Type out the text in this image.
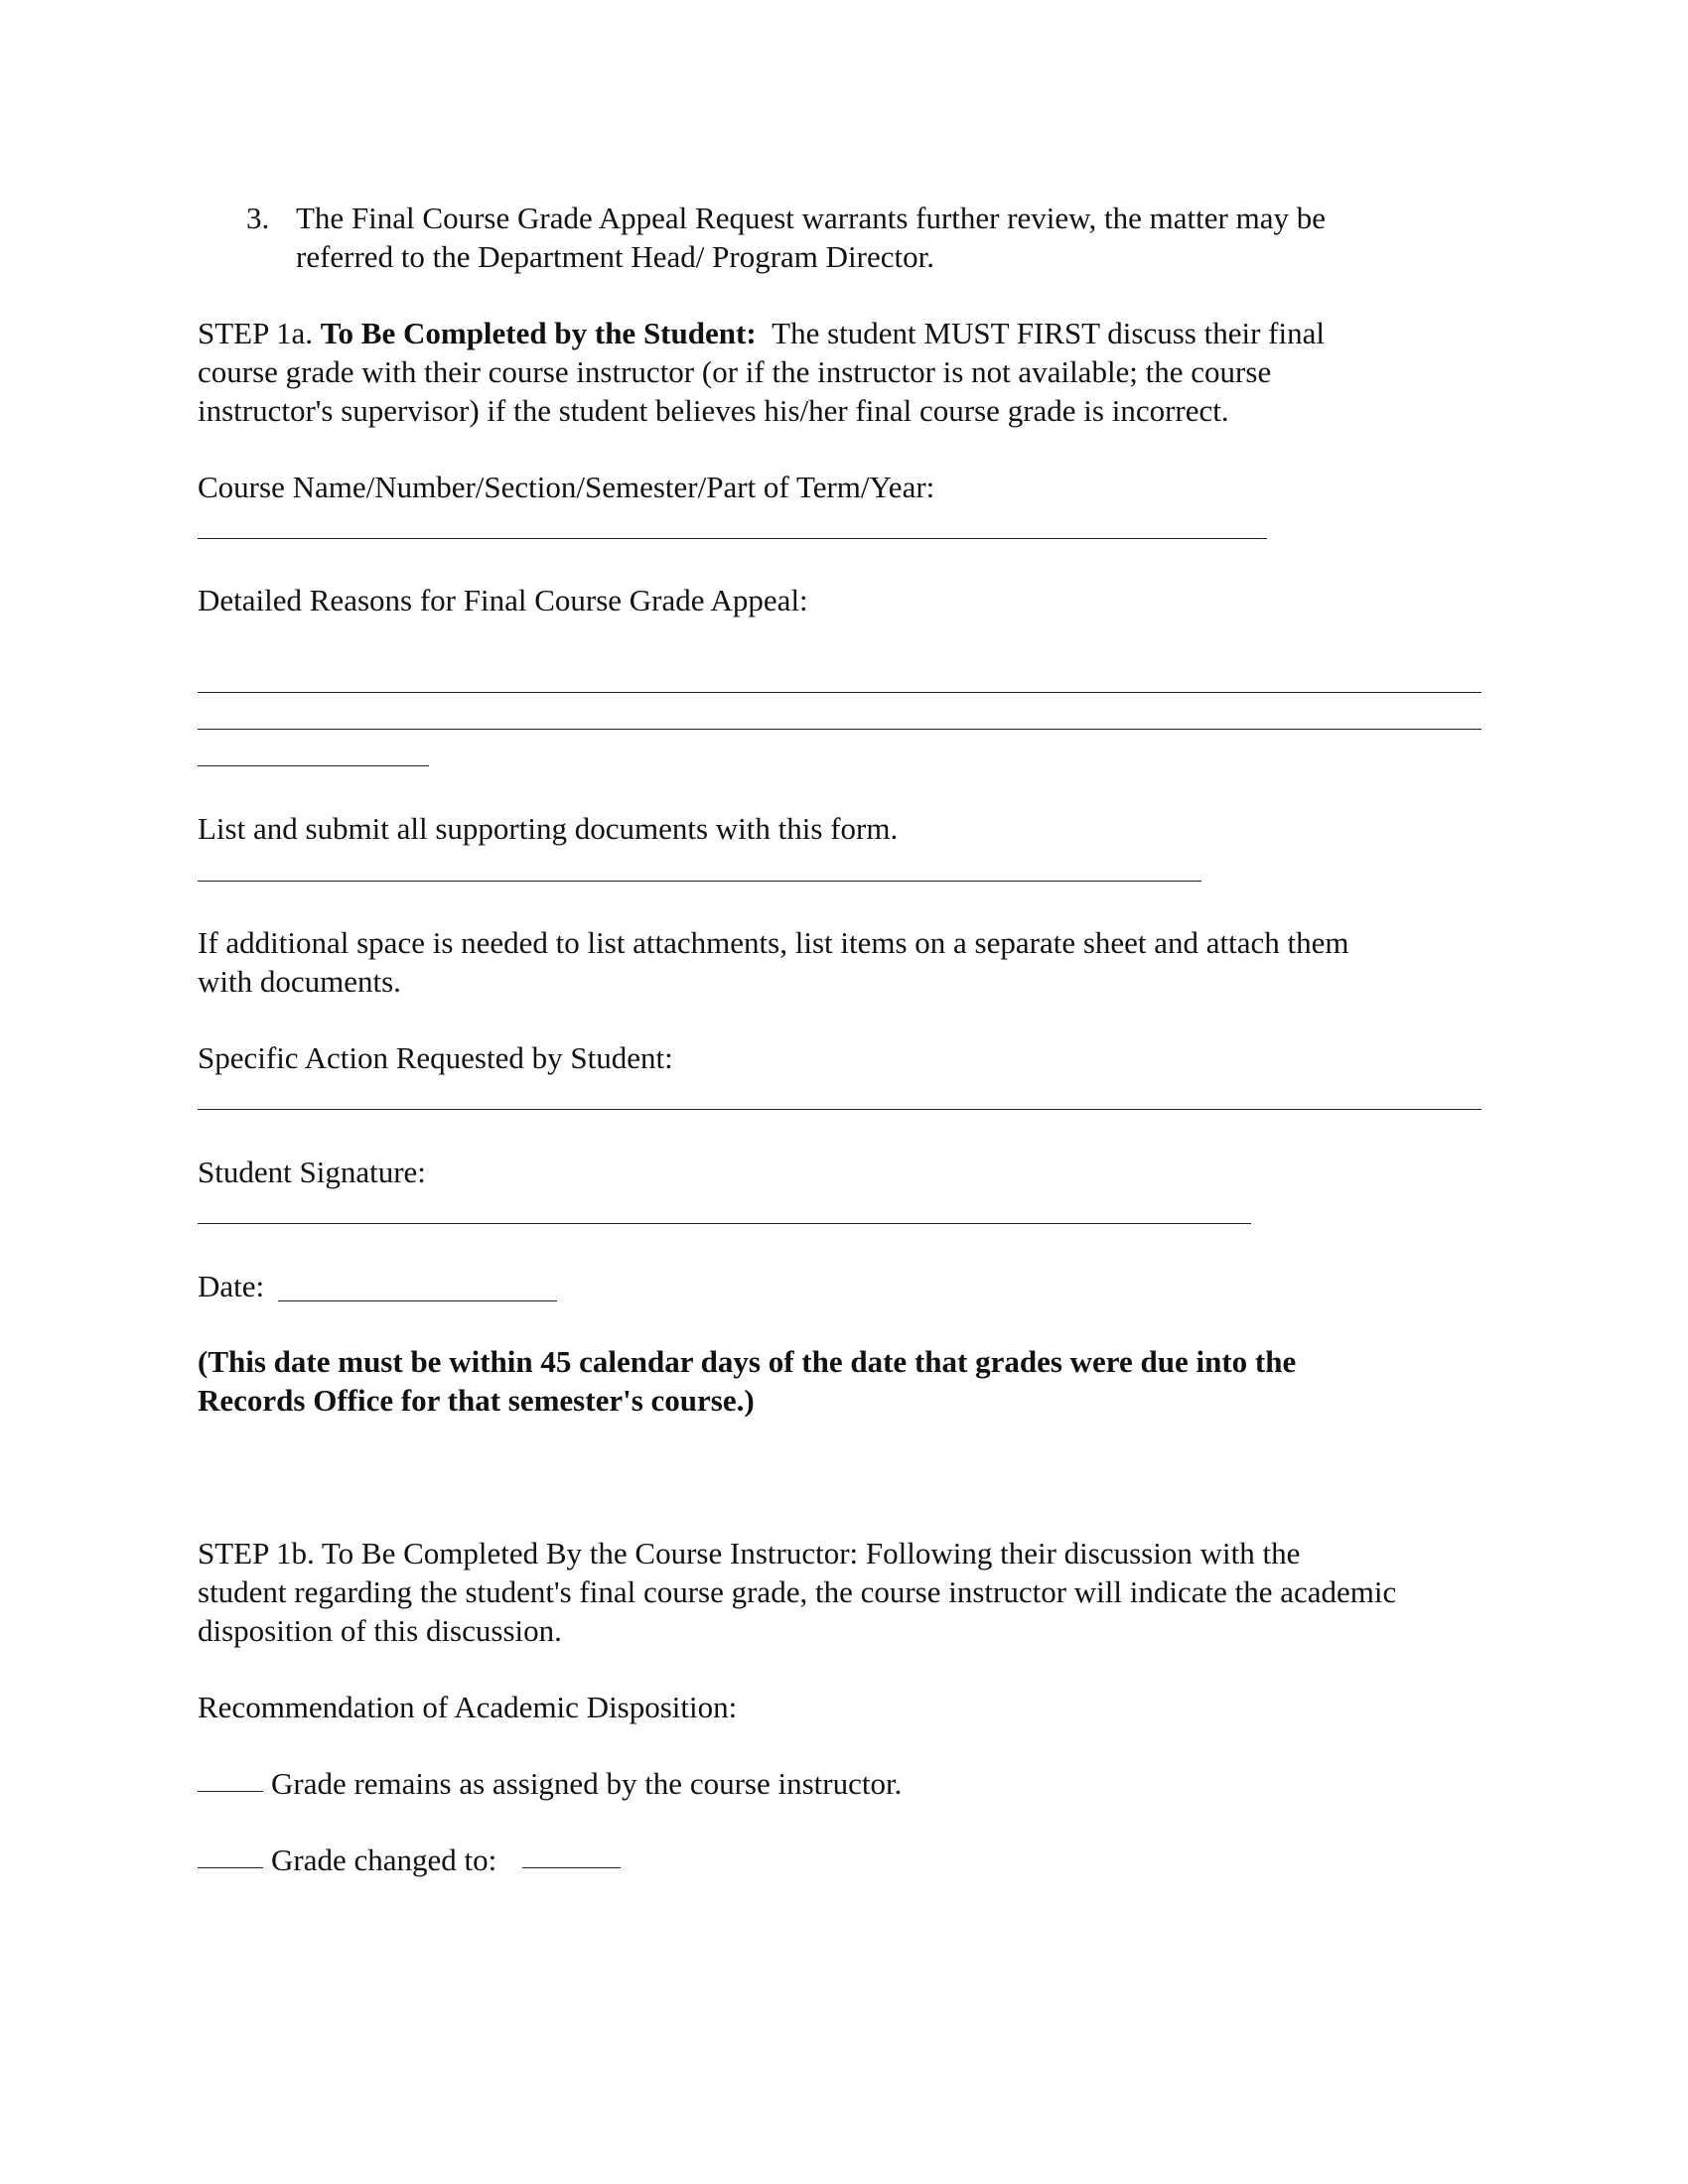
3. The Final Course Grade Appeal Request warrants further review, the matter may be

referred to the Department Head/ Program Director.

STEP 1a. To Be Completed by the Student: The student MUST FIRST discuss their final

course grade with their course instructor (or if the instructor is not available; the course

instructor's supervisor) if the student believes his/her final course grade is incorrect.

Course Name/Number/Section/Semester/Part of Term/Year:

Detailed Reasons for Final Course Grade Appeal:

List and submit all supporting documents with this form.

If additional space is needed to list attachments, list items on a separate sheet and attach them

with documents.

Specific Action Requested by Student:

Student Signature:

Date:

(This date must be within 45 calendar days of the date that grades were due into the

Records Office for that semester's course.)

STEP 1b. To Be Completed By the Course Instructor: Following their discussion with the

student regarding the student's final course grade, the course instructor will indicate the academic

disposition of this discussion.

Recommendation of Academic Disposition:

Grade remains as assigned by the course instructor.

Grade changed to:
